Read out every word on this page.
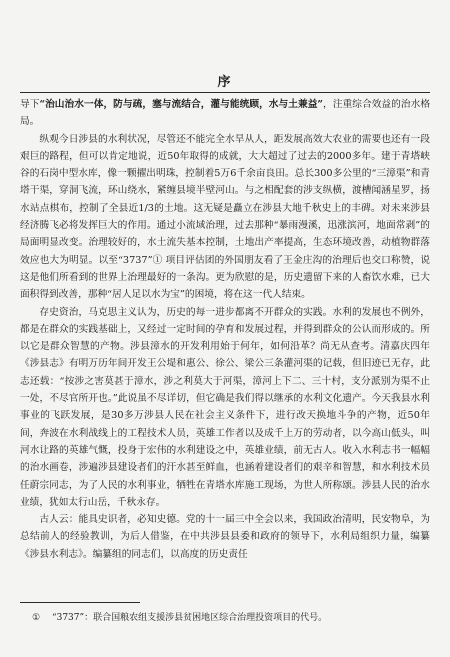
序

导下“治山治水一体，防与疏，塞与流结合，灌与能统顾，水与土兼益”，注重综合效益的治水格局。

纵观今日涉县的水利状况，尽管还不能完全水旱从人，距发展高效大农业的需要也还有一段艰巨的路程，但可以肯定地说，近50年取得的成就，大大超过了过去的2000多年。建于青塔峡谷的石岗中型水库，像一颗擢出明珠，控制着5万6千余亩良田。总长300多公里的“三漳渠”和青塔干渠，穿洞飞流，环山绕水，紧缠县境半壁河山。与之相配套的涉支纵横，渡槽闻涵星罗，扬水站点棋布，控制了全县近1/3的土地。这无疑是矗立在涉县大地千秋史上的丰碑。对未来涉县经济腾飞必将发挥巨大的作用。通过小流域治理，过去那种“暴雨漫溪，迅涨滨河，地面常剥”的局面明显改变。治理较好的，水土流失基本控制，土地出产率提高，生态环境改善，动植物群落效应也大为明显。以至“3737”① 项目评估团的外国朋友看了王金庄沟的治理后也交口称赞，说这是他们所看到的世界上治理最好的一条沟。更为欣慰的是，历史遗留下来的人畜饮水难，已大面积得到改善，那种“居人足以水为宝”的困境，将在这一代人结束。

存史资治，马克思主义认为，历史的每一进步都离不开群众的实践。水利的发展也不例外，都是在群众的实践基础上，又经过一定时间的孕育和发展过程，并得到群众的公认而形成的。所以它是群众智慧的产物。涉县漳水的开发利用始于何年，如何沿革？尚无从查考。清嘉庆四年《涉县志》有明万历年间开发王公堤和惠公、徐公、梁公三条灌河渠的记载，但旧迹已无存，此志还载：“按涉之害莫甚于漳水，涉之利莫大于河渠，漳河上下二、三十村，支分派别为渠不止一处，不尽官所开也。”此说虽不尽详切，但它确是我们得以继承的水利文化遗产。今天我县水利事业的飞跃发展，是30多万涉县人民在社会主义条件下，进行改天换地斗争的产物，近50年间，奔波在水利战线上的工程技术人员，英雄工作者以及成千上万的劳动者，以今高山低头，叫河水让路的英雄气慨，投身于宏伟的水利建设之中，英雄业绩，前无古人。收入水利志书一幅幅的治水画卷，涉遍涉县建设者们的汗水甚至鲜血，也涵着建设者们的艰辛和智慧，和水利技术员任蔚宗同志，为了人民的水利事业，牺牲在青塔水库施工现场，为世人所称颂。涉县人民的治水业绩，犹如太行山岳，千秋永存。

古人云：能具史识者，必知史德。党的十一届三中全会以来，我国政治清明，民安物阜，为总结前人的经验教训，为后人借鉴，在中共涉县县委和政府的领导下，水利局组织力量，编纂《涉县水利志》。编纂组的同志们，以高度的历史责任

① “3737”：联合国粮农组支援涉县贫困地区综合治理投资项目的代号。
